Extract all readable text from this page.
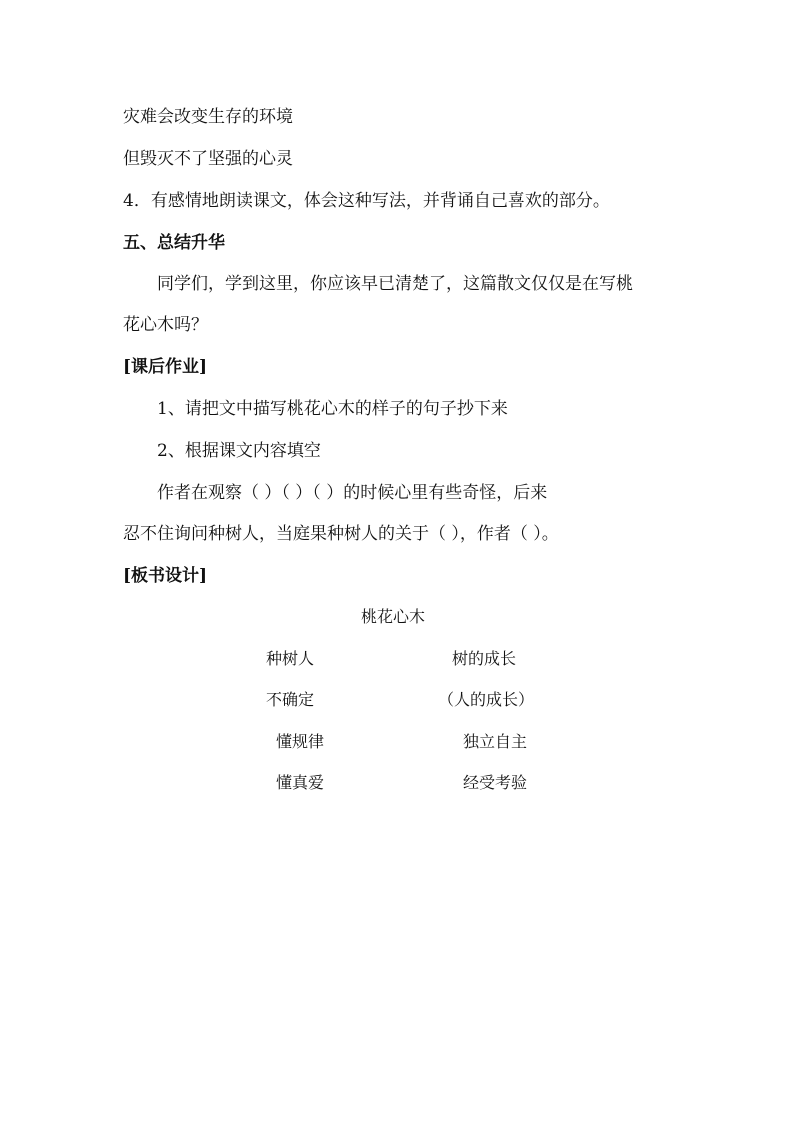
灾难会改变生存的环境
但毁灭不了坚强的心灵
4．有感情地朗读课文，体会这种写法，并背诵自己喜欢的部分。
五、总结升华
同学们，学到这里，你应该早已清楚了，这篇散文仅仅是在写桃
花心木吗？
[课后作业]
1、请把文中描写桃花心木的样子的句子抄下来
2、根据课文内容填空
作者在观察（ ）（ ）（ ）的时候心里有些奇怪，后来
忍不住询问种树人，当庭果种树人的关于（ ），作者（ ）。
[板书设计]
桃花心木
种树人	树的成长
不确定	（人的成长）
懂规律	独立自主
懂真爱	经受考验
